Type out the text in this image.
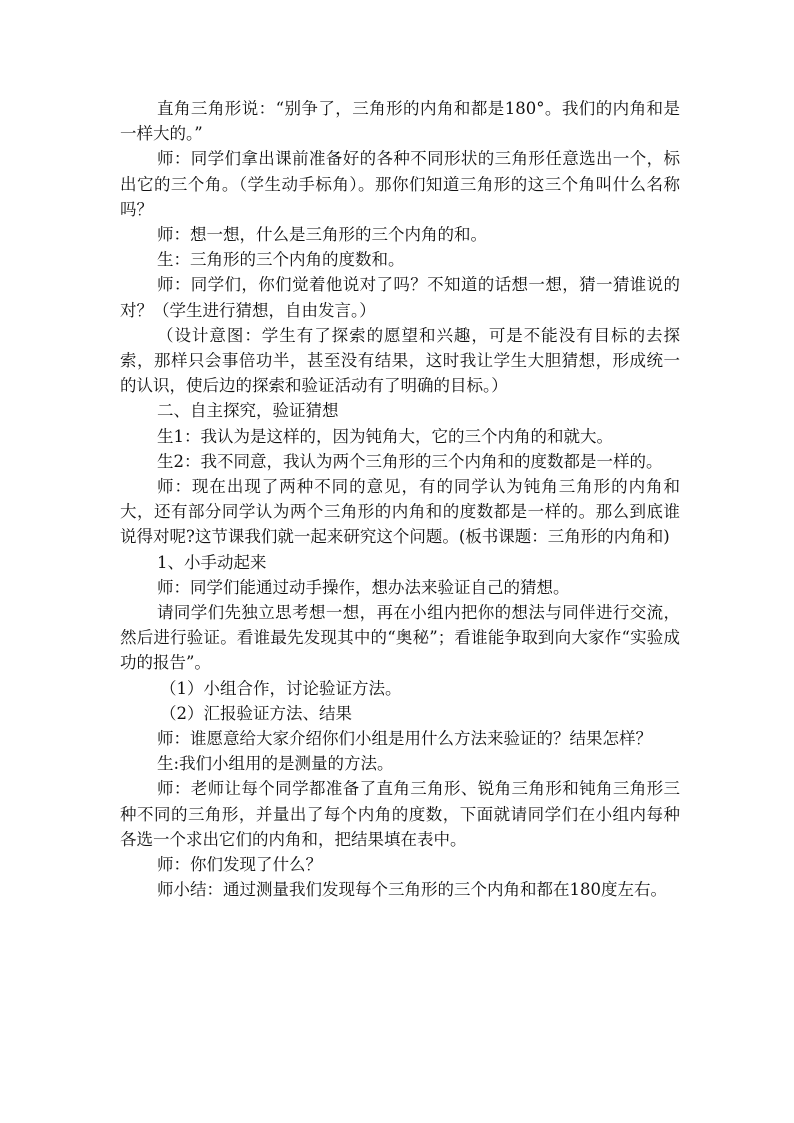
直角三角形说：“别争了，三角形的内角和都是180°。我们的内角和是一样大的。”

师：同学们拿出课前准备好的各种不同形状的三角形任意选出一个，标出它的三个角。（学生动手标角）。那你们知道三角形的这三个角叫什么名称吗？

师：想一想，什么是三角形的三个内角的和。

生：三角形的三个内角的度数和。

师：同学们，你们觉着他说对了吗？不知道的话想一想，猜一猜谁说的对？（学生进行猜想，自由发言。）

（设计意图：学生有了探索的愿望和兴趣，可是不能没有目标的去探索，那样只会事倍功半，甚至没有结果，这时我让学生大胆猜想，形成统一的认识，使后边的探索和验证活动有了明确的目标。）

二、自主探究，验证猜想

生1：我认为是这样的，因为钝角大，它的三个内角的和就大。

生2：我不同意，我认为两个三角形的三个内角和的度数都是一样的。

师：现在出现了两种不同的意见，有的同学认为钝角三角形的内角和大，还有部分同学认为两个三角形的内角和的度数都是一样的。那么到底谁说得对呢?这节课我们就一起来研究这个问题。(板书课题：三角形的内角和)

1、小手动起来

师：同学们能通过动手操作，想办法来验证自己的猜想。

请同学们先独立思考想一想，再在小组内把你的想法与同伴进行交流，然后进行验证。看谁最先发现其中的“奥秘”；看谁能争取到向大家作“实验成功的报告”。

（1）小组合作，讨论验证方法。

（2）汇报验证方法、结果

师：谁愿意给大家介绍你们小组是用什么方法来验证的？结果怎样？

生:我们小组用的是测量的方法。

师：老师让每个同学都准备了直角三角形、锐角三角形和钝角三角形三种不同的三角形，并量出了每个内角的度数，下面就请同学们在小组内每种各选一个求出它们的内角和，把结果填在表中。

师：你们发现了什么？

师小结：通过测量我们发现每个三角形的三个内角和都在180度左右。
